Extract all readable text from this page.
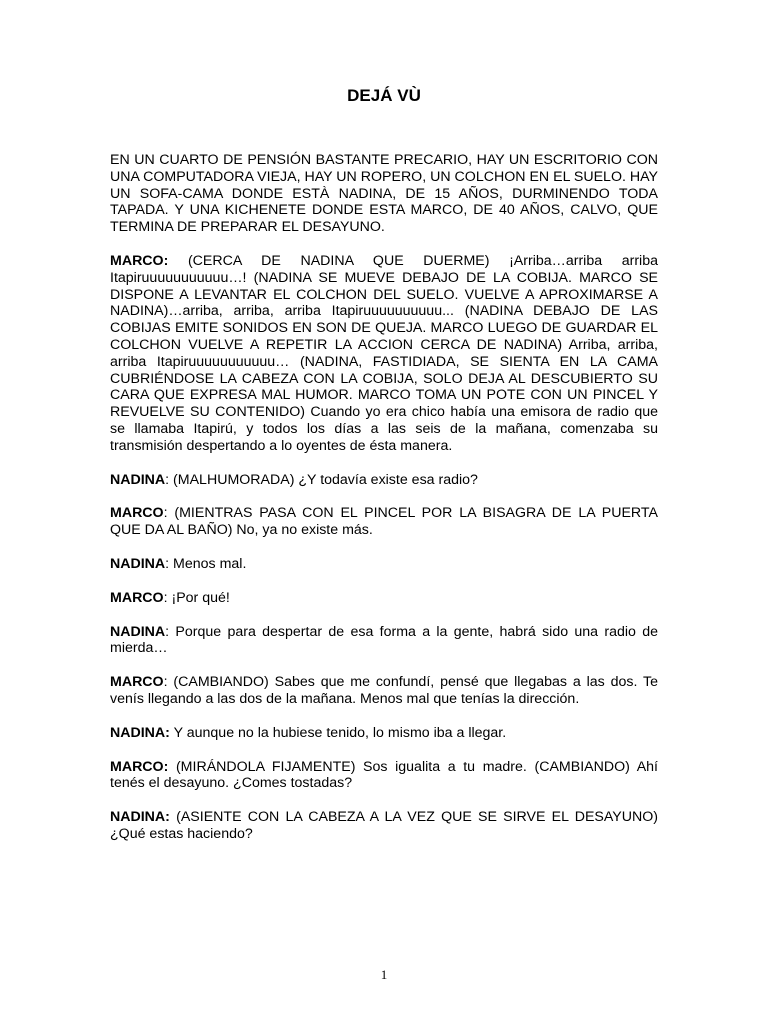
DEJÁ VÙ

EN UN CUARTO DE PENSIÓN BASTANTE PRECARIO, HAY UN ESCRITORIO CON UNA COMPUTADORA VIEJA, HAY UN ROPERO, UN COLCHON EN EL SUELO. HAY UN SOFA-CAMA DONDE ESTÀ NADINA, DE 15 AÑOS, DURMINENDO TODA TAPADA. Y UNA KICHENETE DONDE ESTA MARCO, DE 40 AÑOS, CALVO, QUE TERMINA DE PREPARAR EL DESAYUNO.

MARCO: (CERCA DE NADINA QUE DUERME) ¡Arriba…arriba arriba Itapiruuuuuuuuuuu…! (NADINA SE MUEVE DEBAJO DE LA COBIJA. MARCO SE DISPONE A LEVANTAR EL COLCHON DEL SUELO. VUELVE A APROXIMARSE A NADINA)…arriba, arriba, arriba Itapiruuuuuuuuuu... (NADINA DEBAJO DE LAS COBIJAS EMITE SONIDOS EN SON DE QUEJA. MARCO LUEGO DE GUARDAR EL COLCHON VUELVE A REPETIR LA ACCION CERCA DE NADINA) Arriba, arriba, arriba Itapiruuuuuuuuuuu… (NADINA, FASTIDIADA, SE SIENTA EN LA CAMA CUBRIÉNDOSE LA CABEZA CON LA COBIJA, SOLO DEJA AL DESCUBIERTO SU CARA QUE EXPRESA MAL HUMOR. MARCO TOMA UN POTE CON UN PINCEL Y REVUELVE SU CONTENIDO) Cuando yo era chico había una emisora de radio que se llamaba Itapirú, y todos los días a las seis de la mañana, comenzaba su transmisión despertando a lo oyentes de ésta manera.

NADINA: (MALHUMORADA) ¿Y todavía existe esa radio?

MARCO: (MIENTRAS PASA CON EL PINCEL POR LA BISAGRA DE LA PUERTA QUE DA AL BAÑO) No, ya no existe más.

NADINA: Menos mal.

MARCO: ¡Por qué!

NADINA: Porque para despertar de esa forma a la gente, habrá sido una radio de mierda…

MARCO: (CAMBIANDO) Sabes que me confundí, pensé que llegabas a las dos. Te venís llegando a las dos de la mañana. Menos mal que tenías la dirección.

NADINA: Y aunque no la hubiese tenido, lo mismo iba a llegar.

MARCO: (MIRÁNDOLA FIJAMENTE) Sos igualita a tu madre. (CAMBIANDO) Ahí tenés el desayuno. ¿Comes tostadas?

NADINA: (ASIENTE CON LA CABEZA A LA VEZ QUE SE SIRVE EL DESAYUNO) ¿Qué estas haciendo?

1
